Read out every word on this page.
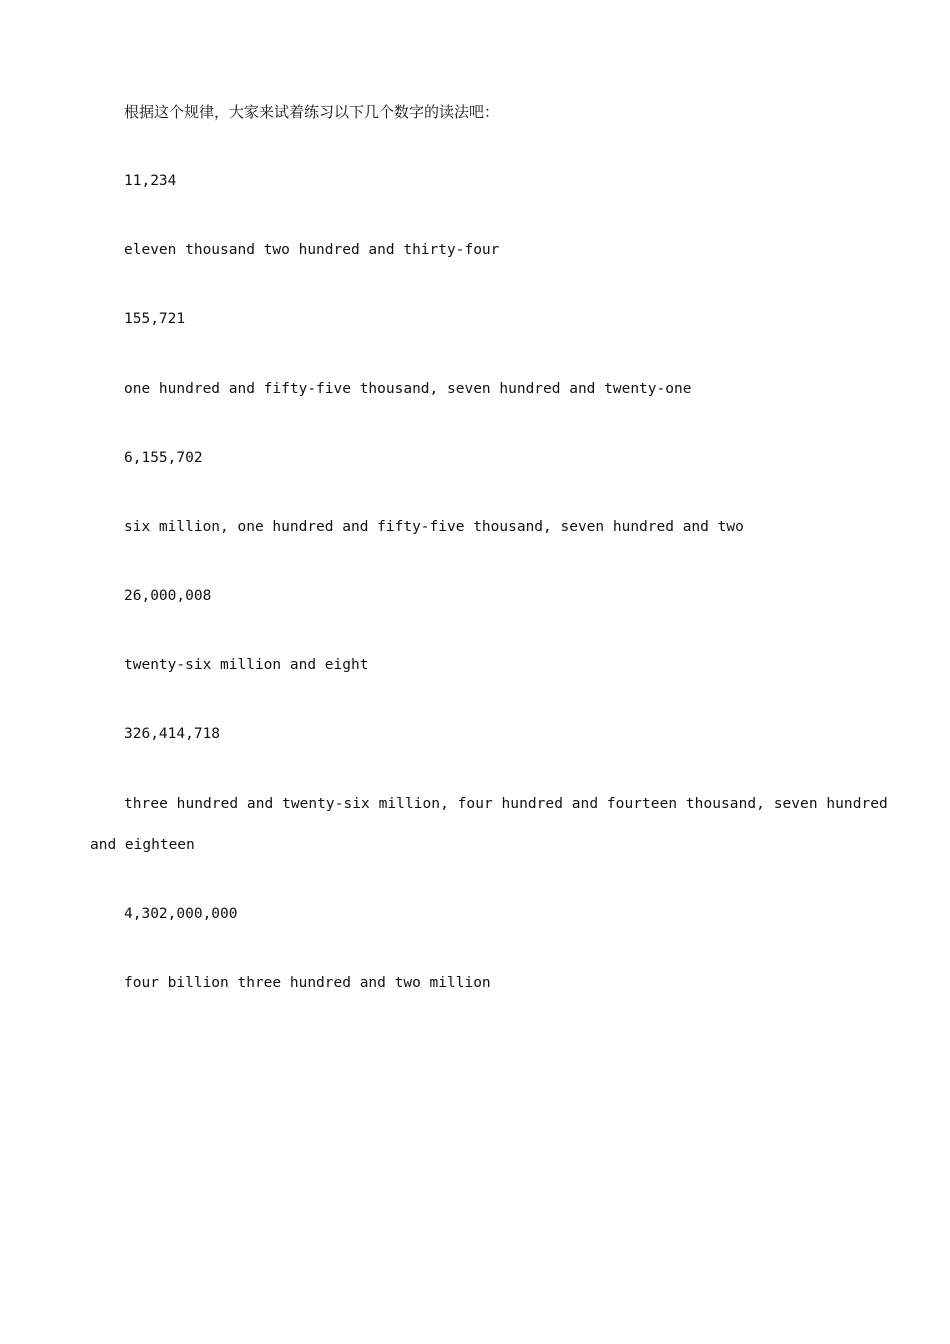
根据这个规律，大家来试着练习以下几个数字的读法吧：
11,234
eleven thousand two hundred and thirty-four
155,721
one hundred and fifty-five thousand, seven hundred and twenty-one
6,155,702
six million, one hundred and fifty-five thousand, seven hundred and two
26,000,008
twenty-six million and eight
326,414,718
three hundred and twenty-six million, four hundred and fourteen thousand, seven hundred
and eighteen
4,302,000,000
four billion three hundred and two million
